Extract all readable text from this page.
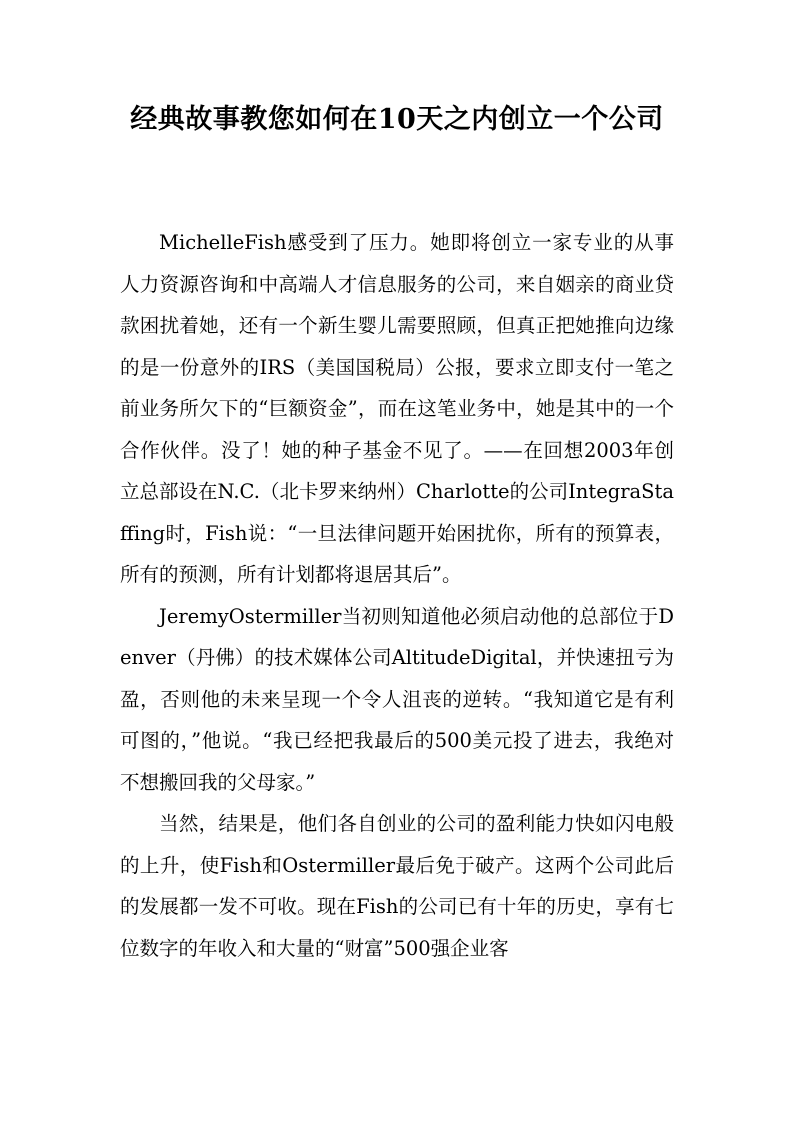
经典故事教您如何在10天之内创立一个公司

MichelleFish感受到了压力。她即将创立一家专业的从事人力资源咨询和中高端人才信息服务的公司，来自姻亲的商业贷款困扰着她，还有一个新生婴儿需要照顾，但真正把她推向边缘的是一份意外的IRS（美国国税局）公报，要求立即支付一笔之前业务所欠下的“巨额资金”，而在这笔业务中，她是其中的一个合作伙伴。没了！她的种子基金不见了。——在回想2003年创立总部设在N.C.（北卡罗来纳州）Charlotte的公司IntegraStaffing时，Fish说：“一旦法律问题开始困扰你，所有的预算表，所有的预测，所有计划都将退居其后”。

JeremyOstermiller当初则知道他必须启动他的总部位于Denver（丹佛）的技术媒体公司AltitudeDigital，并快速扭亏为盈，否则他的未来呈现一个令人沮丧的逆转。“我知道它是有利可图的，”他说。“我已经把我最后的500美元投了进去，我绝对不想搬回我的父母家。”

当然，结果是，他们各自创业的公司的盈利能力快如闪电般的上升，使Fish和Ostermiller最后免于破产。这两个公司此后的发展都一发不可收。现在Fish的公司已有十年的历史，享有七位数字的年收入和大量的“财富”500强企业客
